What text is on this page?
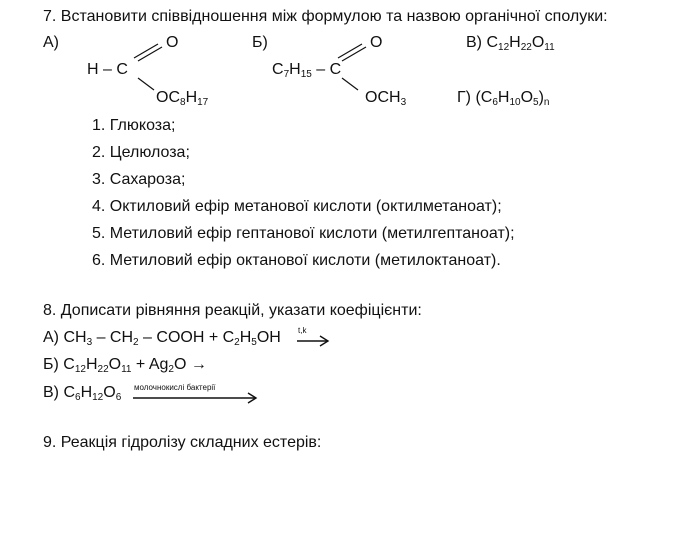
7. Встановити співвідношення між формулою та назвою органічної сполуки:
А)	O
H – C
$OC_8H_{17}$
Б)	O
$C_7H_{15}$ – C
$OCH_3$
В) $C_{12}H_{22}O_{11}$
Г) $(C_6H_{10}O_5)_n$
1. Глюкоза;
2. Целюлоза;
3. Сахароза;
4. Октиловий ефір метанової кислоти (октилметаноат);
5. Метиловий ефір гептанової кислоти (метилгептаноат);
6. Метиловий ефір октанової кислоти (метилоктаноат).
8. Дописати рівняння реакцій, указати коефіцієнти:
А) $CH_3 - CH_2$ – COOH + $C_2H_5OH$ t,k
Б) $C_{12}H_{22}O_{11} + Ag_2O$ →
В) $C_6H_{12}O_6$
молочнокислі бактерії
9. Реакція гідролізу складних естерів:
